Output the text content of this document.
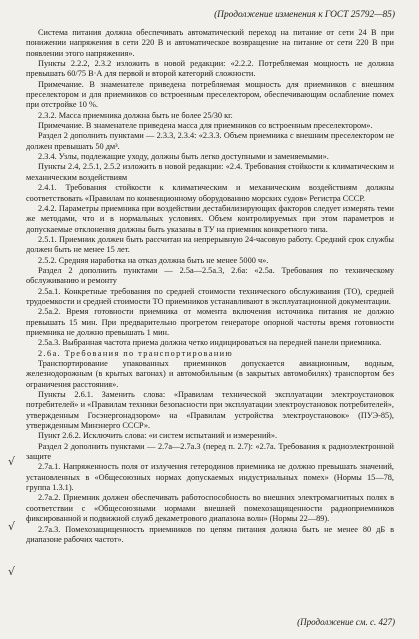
(Продолжение изменения к ГОСТ 25792—85)

Система питания должна обеспечивать автоматический переход на питание от сети 24 В при понижении напряжения в сети 220 В и автоматическое возвращение на питание от сети 220 В при появлении этого напряжения».

Пункты 2.2.2, 2.3.2 изложить в новой редакции: «2.2.2. Потребляемая мощность не должна превышать 60/75 В·А для первой и второй категорий сложности.

Примечание. В знаменателе приведена потребляемая мощность для приемников с внешним преселектором и для приемников со встроенным преселектором, обеспечивающим ослабление помех при отстройке 10 %.

2.3.2. Масса приемника должна быть не более 25/30 кг.

Примечание. В знаменателе приведена масса для приемников со встроенным преселектором».

Раздел 2 дополнить пунктами — 2.3.3, 2.3.4: «2.3.3. Объем приемника с внешним преселектором не должен превышать 50 дм³.

2.3.4. Узлы, подлежащие уходу, должны быть легко доступными и заменяемыми».

Пункты 2.4, 2.5.1, 2.5.2 изложить в новой редакции: «2.4. Требования стойкости к климатическим и механическим воздействиям

2.4.1. Требования стойкости к климатическим и механическим воздействиям должны соответствовать «Правилам по конвенционному оборудованию морских судов» Регистра СССР.

2.4.2. Параметры приемника при воздействии дестабилизирующих факторов следует измерять теми же методами, что и в нормальных условиях. Объем контролируемых при этом параметров и допускаемые отклонения должны быть указаны в ТУ на приемник конкретного типа.

2.5.1. Приемник должен быть рассчитан на непрерывную 24-часовую работу. Средний срок службы должен быть не менее 15 лет.

2.5.2. Средняя наработка на отказ должна быть не менее 5000 ч».

Раздел 2 дополнить пунктами — 2.5а—2.5а.3, 2.6а: «2.5а. Требования по техническому обслуживанию и ремонту

2.5а.1. Конкретные требования по средней стоимости технического обслуживания (ТО), средней трудоемкости и средней стоимости ТО приемников устанавливают в эксплуатационной документации.

2.5а.2. Время готовности приемника от момента включения источника питания не должно превышать 15 мин. При предварительно прогретом генераторе опорной частоты время готовности приемника не должно превышать 1 мин.

2.5а.3. Выбранная частота приема должна четко индицироваться на передней панели приемника.

2.6а. Требования по транспортированию

Транспортирование упакованных приемников допускается авиационным, водным, железнодорожным (в крытых вагонах) и автомобильным (в закрытых автомобилях) транспортом без ограничения расстояния».

Пункты 2.6.1. Заменить слова: «Правилам технической эксплуатации электроустановок потребителей» и «Правилам техники безопасности при эксплуатации электроустановок потребителей», утвержденным Госэнергонадзором» на «Правилам устройства электроустановок» (ПУЭ-85), утвержденным Минэнерго СССР».

Пункт 2.6.2. Исключить слова: «и систем испытаний и измерений».

Раздел 2 дополнить пунктами — 2.7а—2.7а.3 (перед п. 2.7): «2.7а. Требования к радиоэлектронной защите

2.7а.1. Напряженность поля от излучения гетеродинов приемника не должно превышать значений, установленных в «Общесоюзных нормах допускаемых индустриальных помех» (Нормы 15—78, группа 1.3.1).

2.7а.2. Приемник должен обеспечивать работоспособность во внешних электромагнитных полях в соответствии с «Общесоюзными нормами внешней помехозащищенности радиоприемников фиксированной и подвижной служб декаметрового диапазона волн» (Нормы 22—89).

2.7а.3. Помехозащищенность приемников по цепям питания должна быть не менее 80 дБ в диапазоне рабочих частот».

√
√
√
(Продолжение см. с. 427)
